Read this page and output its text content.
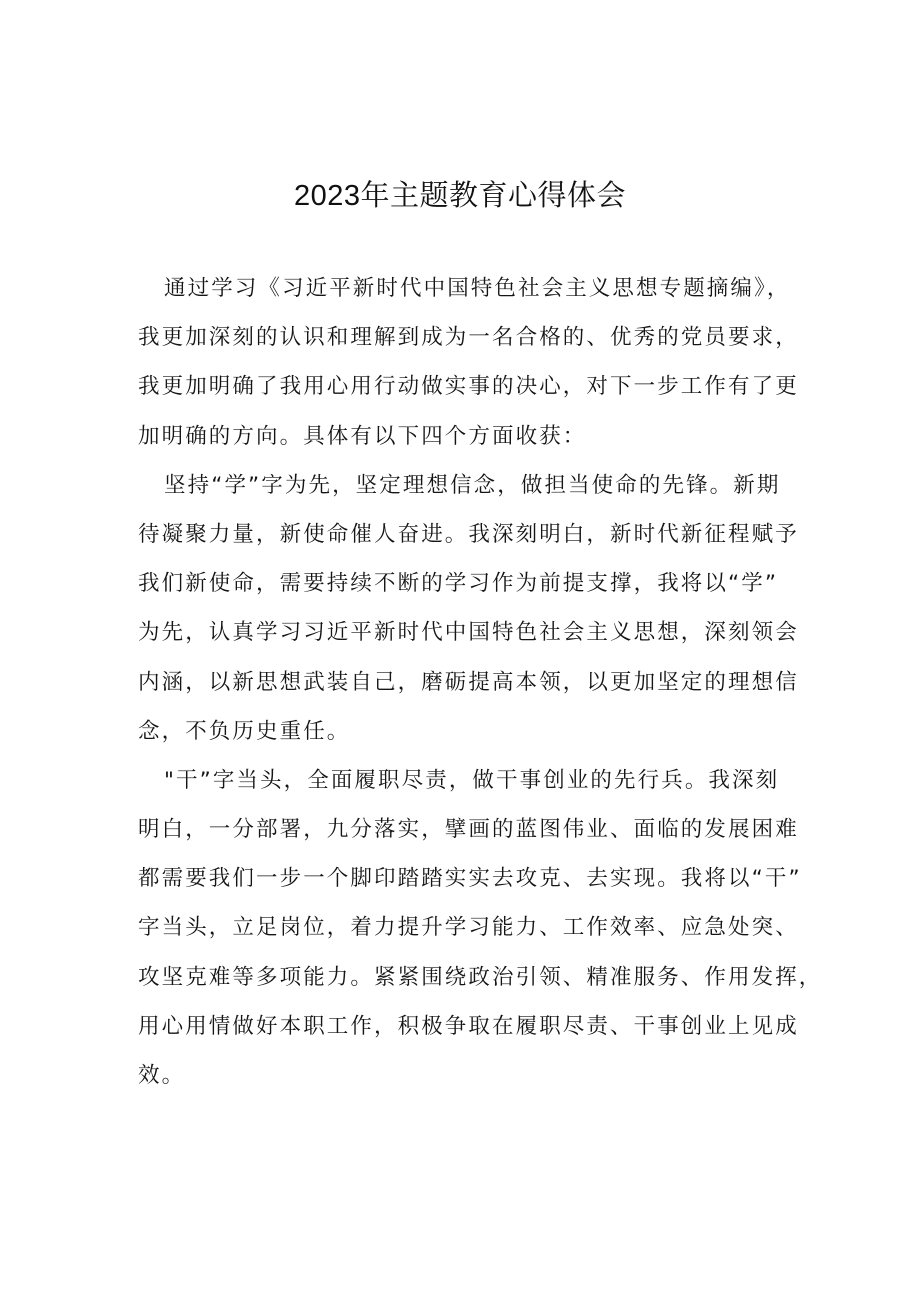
2023年主题教育心得体会
通过学习《习近平新时代中国特色社会主义思想专题摘编》，
我更加深刻的认识和理解到成为一名合格的、优秀的党员要求，
我更加明确了我用心用行动做实事的决心，对下一步工作有了更
加明确的方向。具体有以下四个方面收获：
坚持“学”字为先，坚定理想信念，做担当使命的先锋。新期
待凝聚力量，新使命催人奋进。我深刻明白，新时代新征程赋予
我们新使命，需要持续不断的学习作为前提支撑，我将以“学”
为先，认真学习习近平新时代中国特色社会主义思想，深刻领会
内涵，以新思想武装自己，磨砺提高本领，以更加坚定的理想信
念，不负历史重任。
"干”字当头，全面履职尽责，做干事创业的先行兵。我深刻
明白，一分部署，九分落实，擘画的蓝图伟业、面临的发展困难
都需要我们一步一个脚印踏踏实实去攻克、去实现。我将以“干”
字当头，立足岗位，着力提升学习能力、工作效率、应急处突、
攻坚克难等多项能力。紧紧围绕政治引领、精准服务、作用发挥，
用心用情做好本职工作，积极争取在履职尽责、干事创业上见成
效。
